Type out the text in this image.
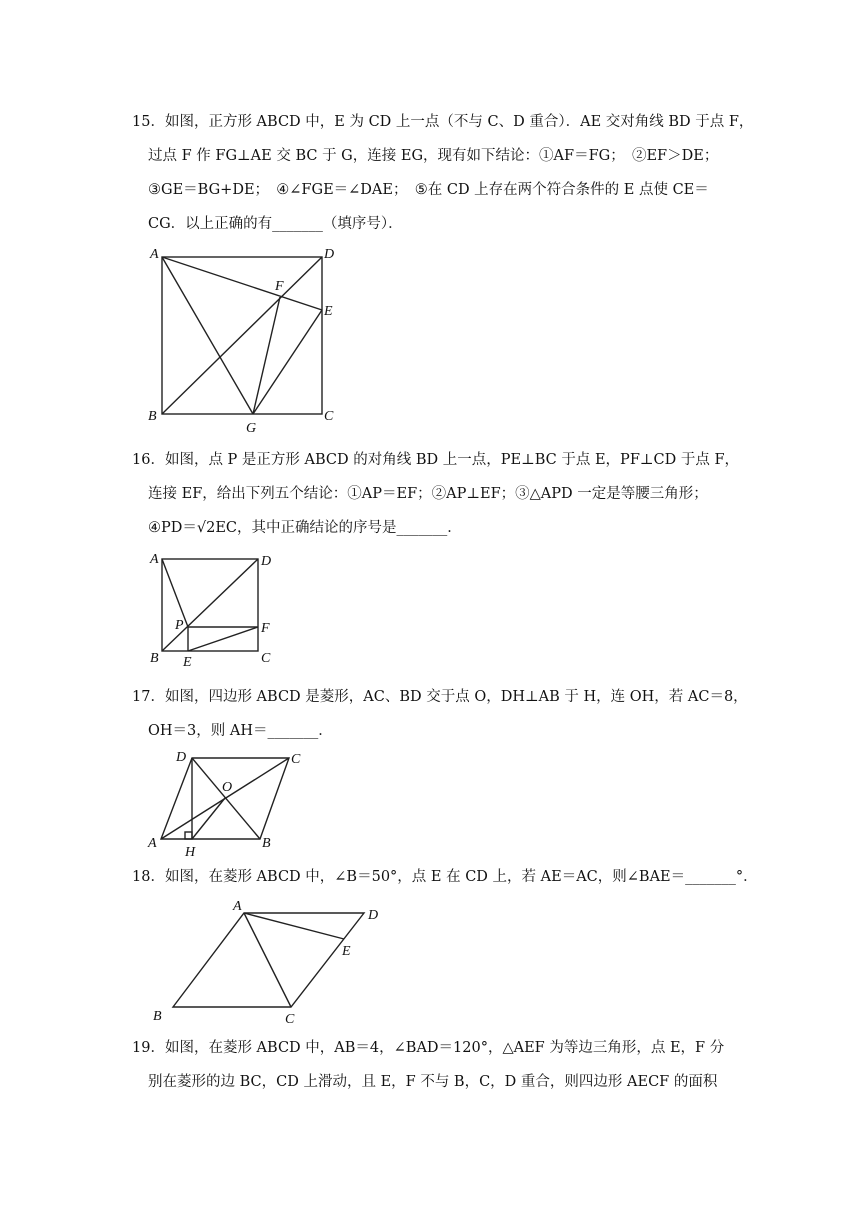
15．如图，正方形 ABCD 中，E 为 CD 上一点（不与 C、D 重合）．AE 交对角线 BD 于点 F，
过点 F 作 FG⊥AE 交 BC 于 G，连接 EG，现有如下结论：①AF＝FG；　②EF＞DE；
③GE＝BG+DE；　④∠FGE＝∠DAE；　⑤在 CD 上存在两个符合条件的 E 点使 CE＝
CG．以上正确的有_______（填序号）．
A	D
F
E
B
G
C
16．如图，点 P 是正方形 ABCD 的对角线 BD 上一点，PE⊥BC 于点 E，PF⊥CD 于点 F，
连接 EF，给出下列五个结论：①AP＝EF；②AP⊥EF；③△APD 一定是等腰三角形；
④PD＝√2EC，其中正确结论的序号是_______．
A	D
P	F
B E	C
17．如图，四边形 ABCD 是菱形，AC、BD 交于点 O，DH⊥AB 于 H，连 OH，若 AC＝8，
OH＝3，则 AH＝_______．
D	C
O
A
H
B
18．如图，在菱形 ABCD 中，∠B＝50°，点 E 在 CD 上，若 AE＝AC，则∠BAE＝_______°．
A
D
E
B	C
19．如图，在菱形 ABCD 中，AB＝4，∠BAD＝120°，△AEF 为等边三角形，点 E，F 分
别在菱形的边 BC，CD 上滑动，且 E，F 不与 B，C，D 重合，则四边形 AECF 的面积
